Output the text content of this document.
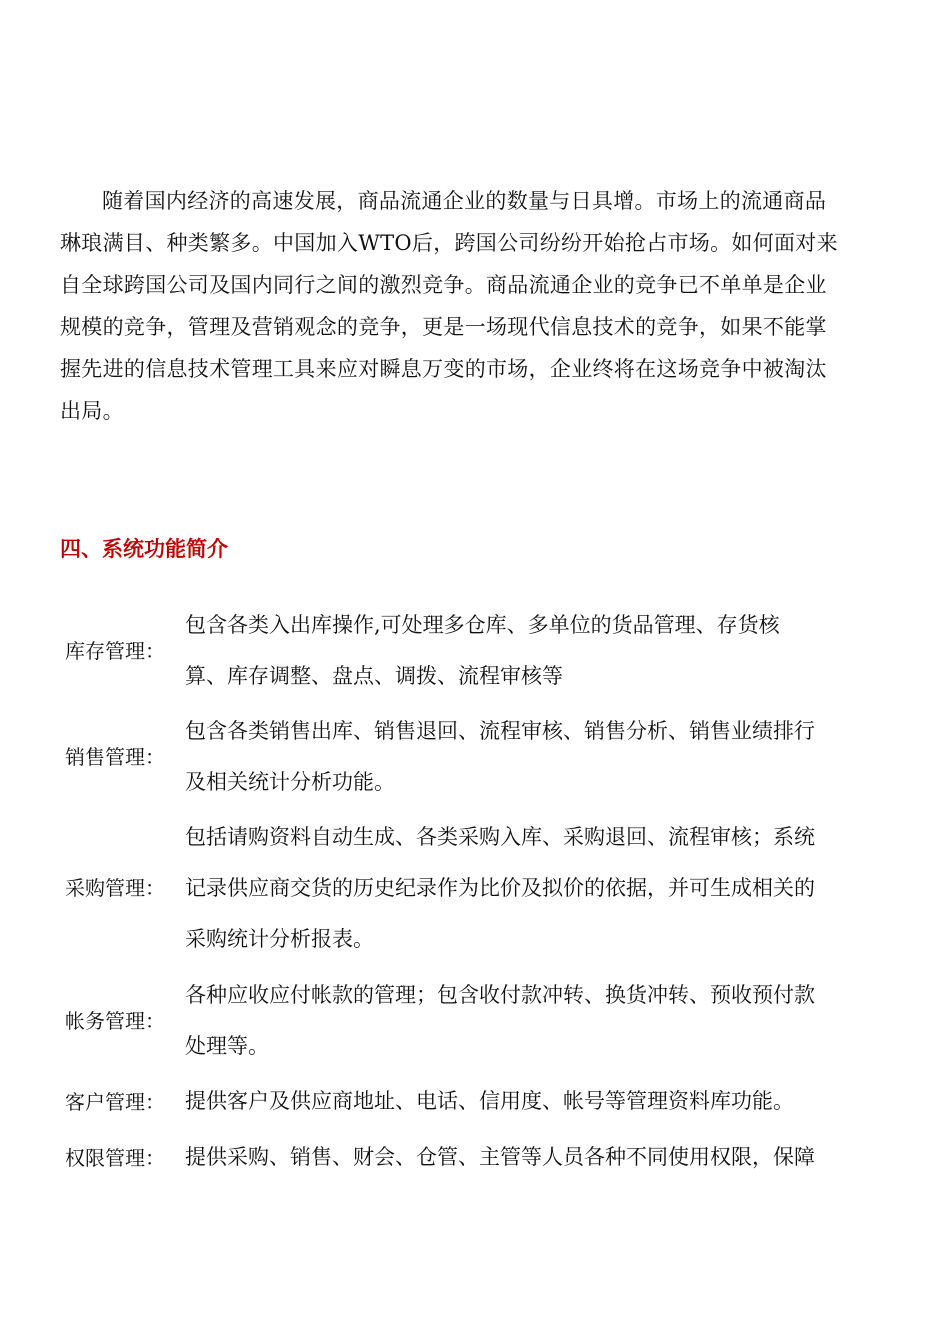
随着国内经济的高速发展，商品流通企业的数量与日具增。市场上的流通商品
琳琅满目、种类繁多。中国加入WTO后，跨国公司纷纷开始抢占市场。如何面对来
自全球跨国公司及国内同行之间的激烈竞争。商品流通企业的竞争已不单单是企业
规模的竞争，管理及营销观念的竞争，更是一场现代信息技术的竞争，如果不能掌
握先进的信息技术管理工具来应对瞬息万变的市场，企业终将在这场竞争中被淘汰
出局。
四、系统功能简介
库存管理：
包含各类入出库操作,可处理多仓库、多单位的货品管理、存货核
算、库存调整、盘点、调拨、流程审核等
销售管理：
包含各类销售出库、销售退回、流程审核、销售分析、销售业绩排行
及相关统计分析功能。
采购管理：
包括请购资料自动生成、各类采购入库、采购退回、流程审核；系统
记录供应商交货的历史纪录作为比价及拟价的依据，并可生成相关的
采购统计分析报表。
帐务管理：
各种应收应付帐款的管理；包含收付款冲转、换货冲转、预收预付款
处理等。
客户管理： 提供客户及供应商地址、电话、信用度、帐号等管理资料库功能。
权限管理： 提供采购、销售、财会、仓管、主管等人员各种不同使用权限，保障
